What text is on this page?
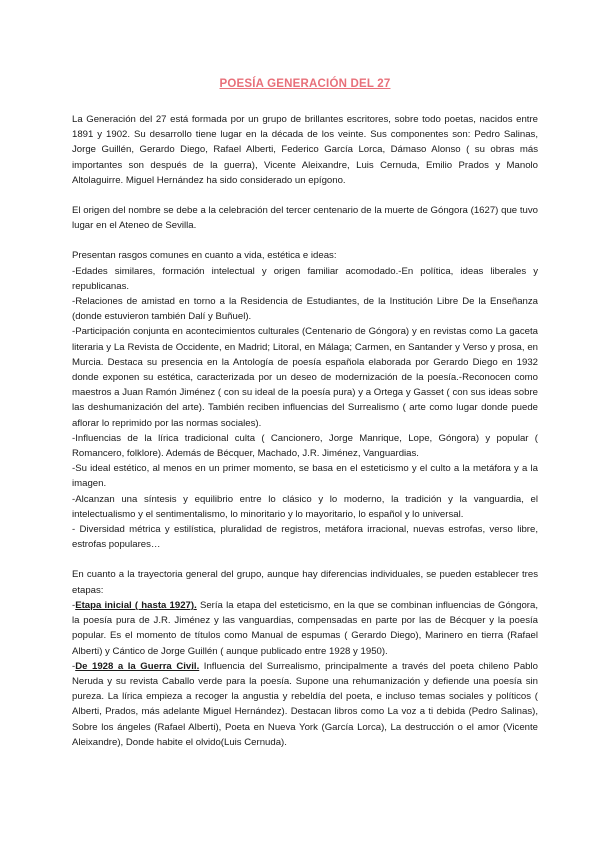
POESÍA GENERACIÓN DEL 27

La Generación del 27 está formada por un grupo de brillantes escritores, sobre todo poetas, nacidos entre 1891 y 1902. Su desarrollo tiene lugar en la década de los veinte. Sus componentes son: Pedro Salinas, Jorge Guillén, Gerardo Diego, Rafael Alberti, Federico García Lorca, Dámaso Alonso ( su obras más importantes son después de la guerra), Vicente Aleixandre, Luis Cernuda, Emilio Prados y Manolo Altolaguirre. Miguel Hernández ha sido considerado un epígono.

El origen del nombre se debe a la celebración del tercer centenario de la muerte de Góngora (1627) que tuvo lugar en el Ateneo de Sevilla.

Presentan rasgos comunes en cuanto a vida, estética e ideas:

-Edades similares, formación intelectual y origen familiar acomodado.-En política, ideas liberales y republicanas.

-Relaciones de amistad en torno a la Residencia de Estudiantes, de la Institución Libre De la Enseñanza (donde estuvieron también Dalí y Buñuel).

-Participación conjunta en acontecimientos culturales (Centenario de Góngora) y en revistas como La gaceta literaria y La Revista de Occidente, en Madrid; Litoral, en Málaga; Carmen, en Santander y Verso y prosa, en Murcia. Destaca su presencia en la Antología de poesía española elaborada por Gerardo Diego en 1932 donde exponen su estética, caracterizada por un deseo de modernización de la poesía.-Reconocen como maestros a Juan Ramón Jiménez ( con su ideal de la poesía pura) y a Ortega y Gasset ( con sus ideas sobre las deshumanización del arte). También reciben influencias del Surrealismo ( arte como lugar donde puede aflorar lo reprimido por las normas sociales).

-Influencias de la lírica tradicional culta ( Cancionero, Jorge Manrique, Lope, Góngora) y popular ( Romancero, folklore). Además de Bécquer, Machado, J.R. Jiménez, Vanguardias.

-Su ideal estético, al menos en un primer momento, se basa en el esteticismo y el culto a la metáfora y a la imagen.

-Alcanzan una síntesis y equilibrio entre lo clásico y lo moderno, la tradición y la vanguardia, el intelectualismo y el sentimentalismo, lo minoritario y lo mayoritario, lo español y lo universal.

- Diversidad métrica y estilística, pluralidad de registros, metáfora irracional, nuevas estrofas, verso libre, estrofas populares…

En cuanto a la trayectoria general del grupo, aunque hay diferencias individuales, se pueden establecer tres etapas:

-Etapa inicial ( hasta 1927). Sería la etapa del esteticismo, en la que se combinan influencias de Góngora, la poesía pura de J.R. Jiménez y las vanguardias, compensadas en parte por las de Bécquer y la poesía popular. Es el momento de títulos como Manual de espumas ( Gerardo Diego), Marinero en tierra (Rafael Alberti) y Cántico de Jorge Guillén ( aunque publicado entre 1928 y 1950).

-De 1928 a la Guerra Civil. Influencia del Surrealismo, principalmente a través del poeta chileno Pablo Neruda y su revista Caballo verde para la poesía. Supone una rehumanización y defiende una poesía sin pureza. La lírica empieza a recoger la angustia y rebeldía del poeta, e incluso temas sociales y políticos ( Alberti, Prados, más adelante Miguel Hernández). Destacan libros como La voz a ti debida (Pedro Salinas), Sobre los ángeles (Rafael Alberti), Poeta en Nueva York (García Lorca), La destrucción o el amor (Vicente Aleixandre), Donde habite el olvido(Luis Cernuda).
